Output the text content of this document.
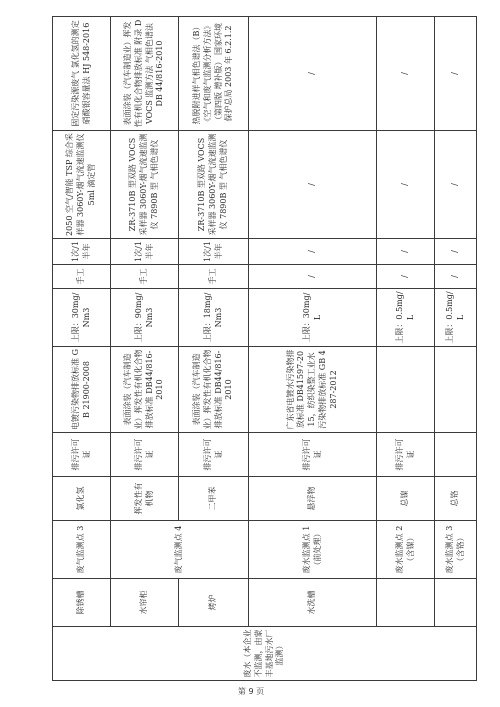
废水（本企业不监测，由蒙丰基地污水厂监测）	除锈槽	废气监测点 3	氯化氢	排污许可证	电镀污染物排放标准 GB 21900-2008	上限：30mg/Nm3	手工	1次/1半年	2050 空气/智能 TSP 综合采样器 3060Y-烟气流速监测仪 5ml 滴定管	固定污染源废气 氯化氢的测定 硝酸银容量法 HJ 548-2016
	水帘柜	废气监测点 4	挥发性有机物	排污许可证	表面涂装（汽车制造业）挥发性有机化合物排放标准 DB44/816-2010	上限：90mg/Nm3	手工	1次/1半年	ZR-3710B 型双路 VOCS 采样器 3060Y-烟气流速监测仪 7890B 型 气相色谱仪	表面涂装（汽车制造业）挥发性有机化合物排放标准 附录 D VOCS 监测方法 气相色谱法 DB 44/816-2010
	烤炉		二甲苯	排污许可证	表面涂装（汽车制造业）挥发性有机化合物排放标准 DB44/816-2010	上限：18mg/Nm3	手工	1次/1半年	ZR-3710B 型双路 VOCS 采样器 3060Y-烟气流速监测仪 7890B 型 气相色谱仪	热脱附进样气相色谱法（B）《空气和废气监测分析方法》（第四版 增补版） 国家环境保护总局 2003 年 6.2.1.2
	水洗槽	废水监测点 1（前处理）	悬浮物	排污许可证	广东省电镀水污染物排放标准 DB41597-2015，纺织染整工业水污染物排放标准 GB 4287-2012	上限：30mg/L	/	/	/	/
		废水监测点 2（含镍）	总镍	排污许可证		上限：0.5mg/L	/	/	/	/
		废水监测点 3（含铬）	总铬			上限：0.5mg/L	/	/	/	/
第 9 页
